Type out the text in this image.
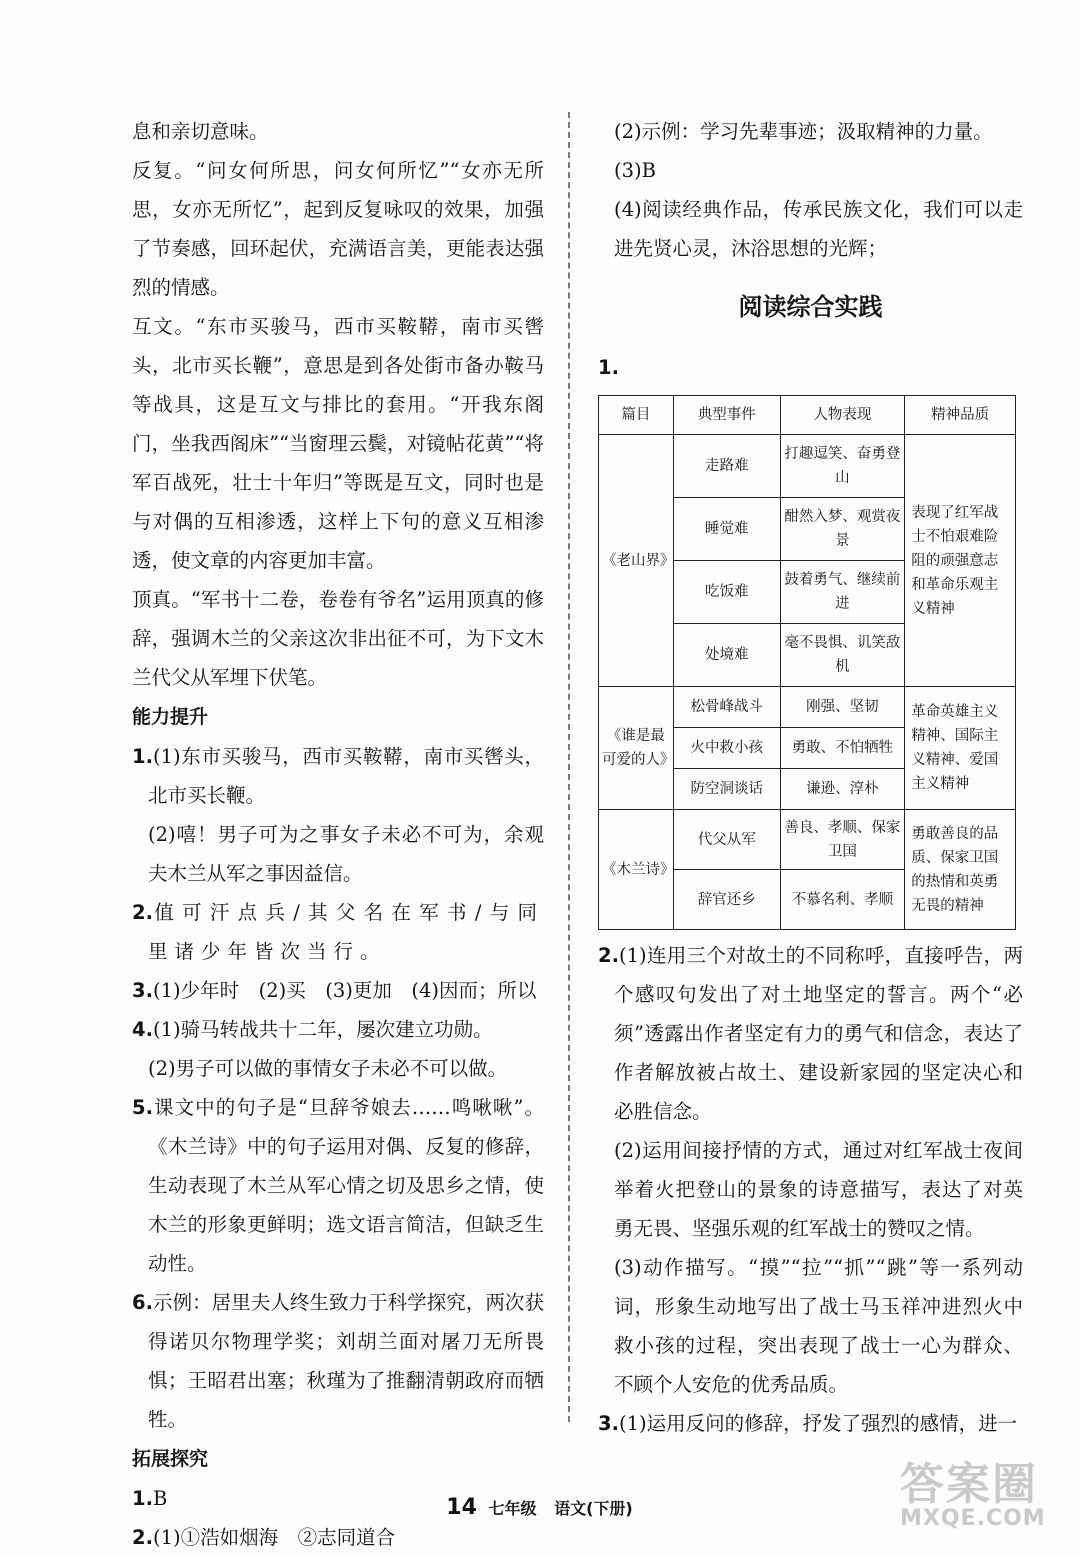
息和亲切意味。

反复。“问女何所思，问女何所忆”“女亦无所思，女亦无所忆”，起到反复咏叹的效果，加强了节奏感，回环起伏，充满语言美，更能表达强烈的情感。

互文。“东市买骏马，西市买鞍鞯，南市买辔头，北市买长鞭”，意思是到各处街市备办鞍马等战具，这是互文与排比的套用。“开我东阁门，坐我西阁床”“当窗理云鬓，对镜帖花黄”“将军百战死，壮士十年归”等既是互文，同时也是与对偶的互相渗透，这样上下句的意义互相渗透，使文章的内容更加丰富。

顶真。“军书十二卷，卷卷有爷名”运用顶真的修辞，强调木兰的父亲这次非出征不可，为下文木兰代父从军埋下伏笔。

能力提升

1.(1)东市买骏马，西市买鞍鞯，南市买辔头，北市买长鞭。

(2)嘻！男子可为之事女子未必不可为，余观夫木兰从军之事因益信。

2.值可汗点兵/其父名在军书/与同里诸少年皆次当行。

3.(1)少年时　(2)买　(3)更加　(4)因而；所以

4.(1)骑马转战共十二年，屡次建立功勋。

(2)男子可以做的事情女子未必不可以做。

5.课文中的句子是“旦辞爷娘去……鸣啾啾”。《木兰诗》中的句子运用对偶、反复的修辞，生动表现了木兰从军心情之切及思乡之情，使木兰的形象更鲜明；选文语言简洁，但缺乏生动性。

6.示例：居里夫人终生致力于科学探究，两次获得诺贝尔物理学奖；刘胡兰面对屠刀无所畏惧；王昭君出塞；秋瑾为了推翻清朝政府而牺牲。

拓展探究

1.B

2.(1)①浩如烟海　②志同道合

(2)示例：学习先辈事迹；汲取精神的力量。

(3)B

(4)阅读经典作品，传承民族文化，我们可以走进先贤心灵，沐浴思想的光辉；

阅读综合实践

1.

篇目	典型事件	人物表现	精神品质
《老山界》	走路难	打趣逗笑、奋勇登山	表现了红军战士不怕艰难险阻的顽强意志和革命乐观主义精神
	睡觉难	酣然入梦、观赏夜景	
	吃饭难	鼓着勇气、继续前进	
	处境难	毫不畏惧、讥笑敌机	
《谁是最可爱的人》	松骨峰战斗	刚强、坚韧	革命英雄主义精神、国际主义精神、爱国主义精神
	火中救小孩	勇敢、不怕牺牲	
	防空洞谈话	谦逊、淳朴	
《木兰诗》	代父从军	善良、孝顺、保家卫国	勇敢善良的品质、保家卫国的热情和英勇无畏的精神
	辞官还乡	不慕名利、孝顺	

2.(1)连用三个对故土的不同称呼，直接呼告，两个感叹句发出了对土地坚定的誓言。两个“必须”透露出作者坚定有力的勇气和信念，表达了作者解放被占故土、建设新家园的坚定决心和必胜信念。

(2)运用间接抒情的方式，通过对红军战士夜间举着火把登山的景象的诗意描写，表达了对英勇无畏、坚强乐观的红军战士的赞叹之情。

(3)动作描写。“摸”“拉”“抓”“跳”等一系列动词，形象生动地写出了战士马玉祥冲进烈火中救小孩的过程，突出表现了战士一心为群众、不顾个人安危的优秀品质。

3.(1)运用反问的修辞，抒发了强烈的感情，进一

14 七年级 语文(下册)	答案圈
MXQE.COM
